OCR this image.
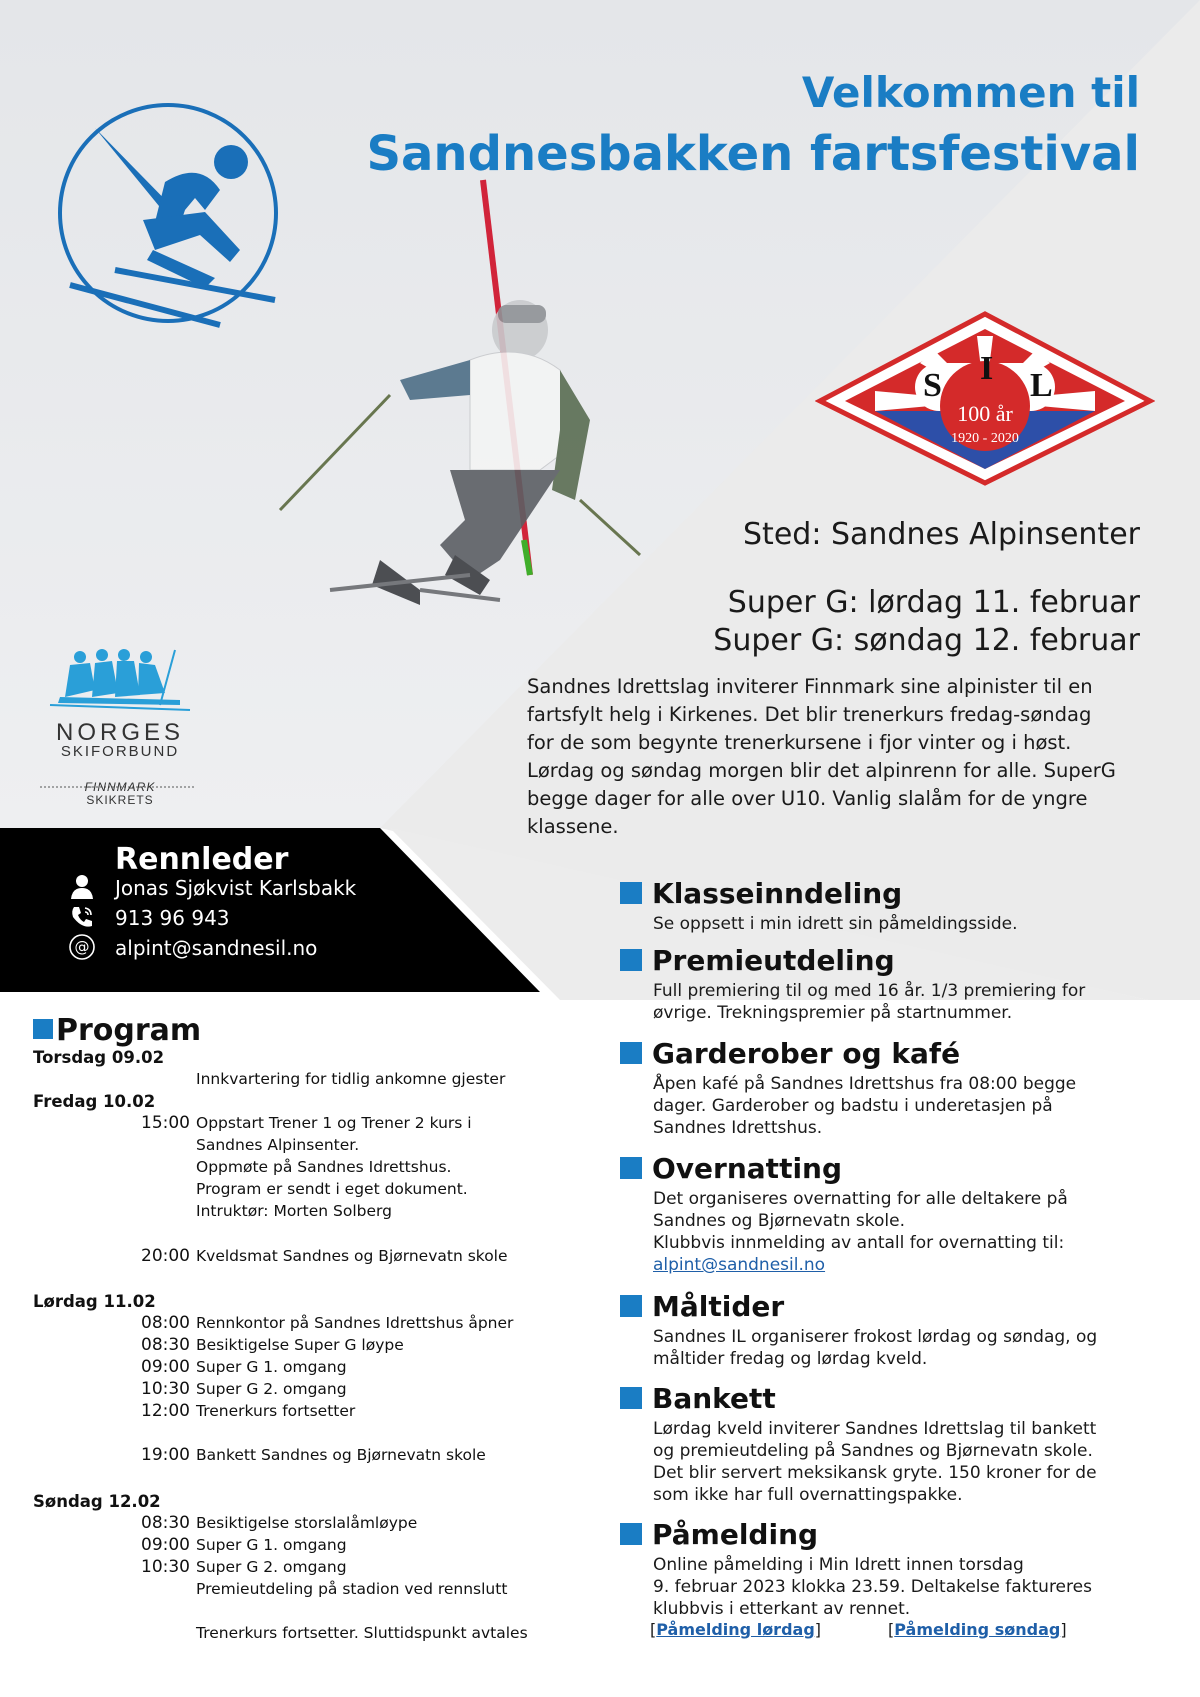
Velkommen til
Sandnesbakken fartsfestival
S I L
100 år
1920 - 2020
Sted: Sandnes Alpinsenter
Super G: lørdag 11. februar
Super G: søndag 12. februar
Sandnes Idrettslag inviterer Finnmark sine alpinister til en fartsfylt helg i Kirkenes. Det blir trenerkurs fredag-søndag for de som begynte trenerkursene i fjor vinter og i høst. Lørdag og søndag morgen blir det alpinrenn for alle. SuperG begge dager for alle over U10. Vanlig slalåm for de yngre klassene.
NORGES
SKIFORBUND
FINNMARK
SKIKRETS
Rennleder
Jonas Sjøkvist Karlsbakk
913 96 943
@ alpint@sandnesil.no
Program
Torsdag 09.02
Innkvartering for tidlig ankomne gjester
Fredag 10.02
15:00 Oppstart Trener 1 og Trener 2 kurs i
Sandnes Alpinsenter.
Oppmøte på Sandnes Idrettshus.
Program er sendt i eget dokument.
Intruktør: Morten Solberg
20:00 Kveldsmat Sandnes og Bjørnevatn skole
Lørdag 11.02
08:00 Rennkontor på Sandnes Idrettshus åpner
08:30 Besiktigelse Super G løype
09:00 Super G 1. omgang
10:30 Super G 2. omgang
12:00 Trenerkurs fortsetter
19:00 Bankett Sandnes og Bjørnevatn skole
Søndag 12.02
08:30 Besiktigelse storslalåmløype
09:00 Super G 1. omgang
10:30 Super G 2. omgang
Premieutdeling på stadion ved rennslutt
Trenerkurs fortsetter. Sluttidspunkt avtales
Klasseinndeling
Se oppsett i min idrett sin påmeldingsside.
Premieutdeling
Full premiering til og med 16 år. 1/3 premiering for
øvrige. Trekningspremier på startnummer.
Garderober og kafé
Åpen kafé på Sandnes Idrettshus fra 08:00 begge
dager. Garderober og badstu i underetasjen på
Sandnes Idrettshus.
Overnatting
Det organiseres overnatting for alle deltakere på
Sandnes og Bjørnevatn skole.
Klubbvis innmelding av antall for overnatting til:
alpint@sandnesil.no
Måltider
Sandnes IL organiserer frokost lørdag og søndag, og
måltider fredag og lørdag kveld.
Bankett
Lørdag kveld inviterer Sandnes Idrettslag til bankett
og premieutdeling på Sandnes og Bjørnevatn skole.
Det blir servert meksikansk gryte. 150 kroner for de
som ikke har full overnattingspakke.
Påmelding
Online påmelding i Min Idrett innen torsdag
9. februar 2023 klokka 23.59. Deltakelse faktureres
klubbvis i etterkant av rennet.
[Påmelding lørdag]	[Påmelding søndag]
